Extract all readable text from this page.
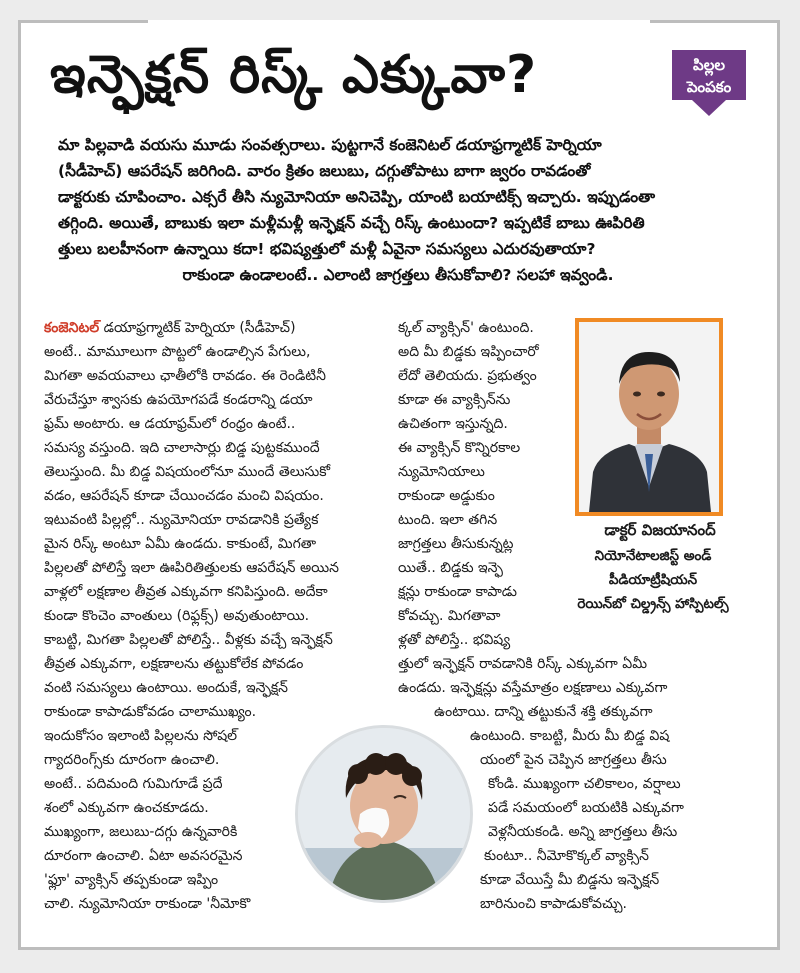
ఇన్ఫెక్షన్ రిస్క్ ఎక్కువా?	పిల్లల
పెంపకం
మా పిల్లవాడి వయసు మూడు సంవత్సరాలు. పుట్టగానే కంజెనిటల్ డయాఫ్రగ్మాటిక్ హెర్నియా
(సీడీహెచ్) ఆపరేషన్ జరిగింది. వారం క్రితం జలుబు, దగ్గుతోపాటు బాగా జ్వరం రావడంతో
డాక్టరుకు చూపించాం. ఎక్సరే తీసి న్యుమోనియా అనిచెప్పి, యాంటి బయాటిక్స్ ఇచ్చారు. ఇప్పుడంతా
తగ్గింది. అయితే, బాబుకు ఇలా మళ్లీమళ్లీ ఇన్ఫెక్షన్ వచ్చే రిస్క్ ఉంటుందా? ఇప్పటికే బాబు ఊపిరితి
త్తులు బలహీనంగా ఉన్నాయి కదా! భవిష్యత్తులో మళ్లీ ఏవైనా సమస్యలు ఎదురవుతాయా?
రాకుండా ఉండాలంటే.. ఎలాంటి జాగ్రత్తలు తీసుకోవాలి? సలహా ఇవ్వండి.
కంజెనిటల్ డయాఫ్రగ్మాటిక్ హెర్నియా (సీడీహెచ్)
అంటే.. మామూలుగా పొట్టలో ఉండాల్సిన పేగులు,
మిగతా అవయవాలు ఛాతీలోకి రావడం. ఈ రెండిటినీ
వేరుచేస్తూ శ్వాసకు ఉపయోగపడే కండరాన్ని డయా
ఫ్రమ్ అంటారు. ఆ డయాఫ్రమ్‌లో రంధ్రం ఉంటే..
సమస్య వస్తుంది. ఇది చాలాసార్లు బిడ్డ పుట్టకముందే
తెలుస్తుంది. మీ బిడ్డ విషయంలోనూ ముందే తెలుసుకో
వడం, ఆపరేషన్ కూడా చేయించడం మంచి విషయం.
ఇటువంటి పిల్లల్లో.. న్యుమోనియా రావడానికి ప్రత్యేక
మైన రిస్క్ అంటూ ఏమీ ఉండదు. కాకుంటే, మిగతా
పిల్లలతో పోలిస్తే ఇలా ఊపిరితిత్తులకు ఆపరేషన్ అయిన
వాళ్లలో లక్షణాల తీవ్రత ఎక్కువగా కనిపిస్తుంది. అదేకా
కుండా కొంచెం వాంతులు (రిఫ్లక్స్) అవుతుంటాయి.
కాబట్టి, మిగతా పిల్లలతో పోలిస్తే.. వీళ్లకు వచ్చే ఇన్ఫెక్షన్
తీవ్రత ఎక్కువగా, లక్షణాలను తట్టుకోలేక పోవడం
వంటి సమస్యలు ఉంటాయి. అందుకే, ఇన్ఫెక్షన్
రాకుండా కాపాడుకోవడం చాలాముఖ్యం.
ఇందుకోసం ఇలాంటి పిల్లలను సోషల్
గ్యాదరింగ్స్‌కు దూరంగా ఉంచాలి.
అంటే.. పదిమంది గుమిగూడే ప్రదే
శంలో ఎక్కువగా ఉంచకూడదు.
ముఖ్యంగా, జలుబు-దగ్గు ఉన్నవారికి
దూరంగా ఉంచాలి. ఏటా అవసరమైన
'ఫ్లూ' వ్యాక్సిన్ తప్పకుండా ఇప్పిం
చాలి. న్యుమోనియా రాకుండా 'నీమోకొ
క్కల్ వ్యాక్సిన్' ఉంటుంది.
అది మీ బిడ్డకు ఇప్పించారో
లేదో తెలియదు. ప్రభుత్వం
కూడా ఈ వ్యాక్సిన్‌ను
ఉచితంగా ఇస్తున్నది.
ఈ వ్యాక్సిన్ కొన్నిరకాల
న్యుమోనియాలు
రాకుండా అడ్డుకుం
టుంది. ఇలా తగిన
జాగ్రత్తలు తీసుకున్నట్ల
యితే.. బిడ్డకు ఇన్ఫె
క్షన్లు రాకుండా కాపాడు
కోవచ్చు. మిగతావా
ళ్లతో పోలిస్తే.. భవిష్య
త్తులో ఇన్ఫెక్షన్ రావడానికి రిస్క్ ఎక్కువగా ఏమీ
ఉండదు. ఇన్ఫెక్షన్లు వస్తేమాత్రం లక్షణాలు ఎక్కువగా
ఉంటాయి. దాన్ని తట్టుకునే శక్తి తక్కువగా
ఉంటుంది. కాబట్టి, మీరు మీ బిడ్డ విష
యంలో పైన చెప్పిన జాగ్రత్తలు తీసు
కోండి. ముఖ్యంగా చలికాలం, వర్షాలు
పడే సమయంలో బయటికి ఎక్కువగా
వెళ్లనీయకండి. అన్ని జాగ్రత్తలు తీసు
కుంటూ.. నీమోకొక్కల్ వ్యాక్సిన్
కూడా వేయిస్తే మీ బిడ్డను ఇన్ఫెక్షన్
బారినుంచి కాపాడుకోవచ్చు.
డాక్టర్ విజయానంద్
నియోనేటాలజిస్ట్ అండ్
పీడియాట్రీషియన్
రెయిన్‌బో చిల్డ్రన్స్ హాస్పిటల్స్
